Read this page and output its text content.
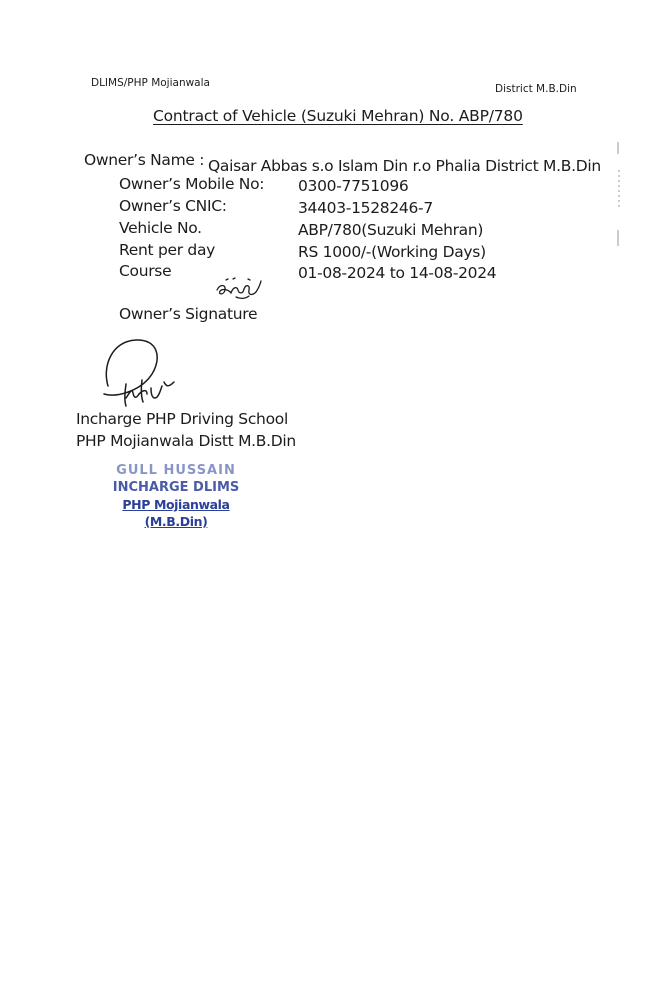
DLIMS/PHP Mojianwala	District M.B.Din
Contract of Vehicle (Suzuki Mehran) No. ABP/780
Owner’s Name : Qaisar Abbas s.o Islam Din r.o Phalia District M.B.Din
Owner’s Mobile No: 0300-7751096
Owner’s CNIC:	34403-1528246-7
Vehicle No.	ABP/780(Suzuki Mehran)
Rent per day	RS 1000/-(Working Days)
Course	01-08-2024 to 14-08-2024
Owner’s Signature
Incharge PHP Driving School
PHP Mojianwala Distt M.B.Din
GULL HUSSAIN
INCHARGE DLIMS
PHP Mojianwala (M.B.Din)
